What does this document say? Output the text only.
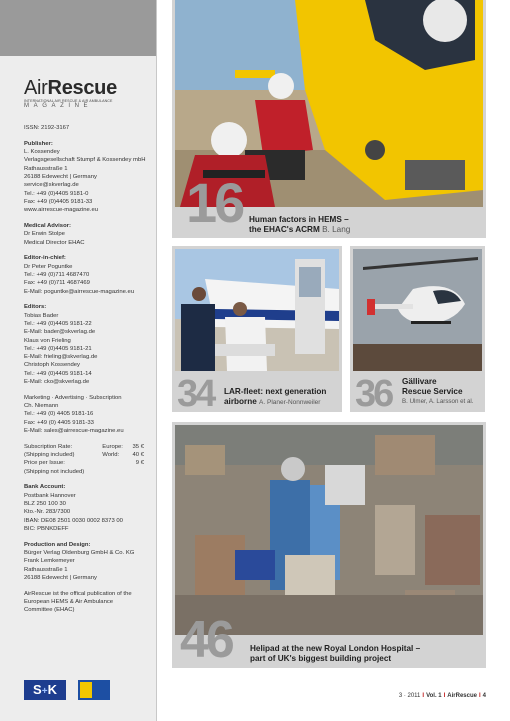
AirRescue
INTERNATIONAL AIR RESCUE & AIR AMBULANCE
MAGAZINE
ISSN: 2192-3167
Publisher:
L. Kossendey
Verlagsgesellschaft Stumpf & Kossendey mbH
Rathausstraße 1
26188 Edewecht | Germany
service@skverlag.de
Tel.: +49 (0)4405 9181-0
Fax: +49 (0)4405 9181-33
www.airrescue-magazine.eu
Medical Advisor:
Dr Erwin Stolpe
Medical Director EHAC
Editor-in-chief:
Dr Peter Poguntke
Tel.: +49 (0)711 4687470
Fax: +49 (0)711 4687469
E-Mail: poguntke@airrescue-magazine.eu
Editors:
Tobias Bader
Tel.: +49 (0)4405 9181-22
E-Mail: bader@skverlag.de
Klaus von Frieling
Tel.: +49 (0)4405 9181-21
E-Mail: frieling@skverlag.de
Christoph Kossendey
Tel.: +49 (0)4405 9181-14
E-Mail: cko@skverlag.de
Marketing · Advertising · Subscription
Ch. Niemann
Tel.: +49 (0) 4405 9181-16
Fax: +49 (0) 4405 9181-33
E-Mail: sales@airrescue-magazine.eu
Subscription Rate:	Europe:	35 €
(Shipping included)	World:	40 €
Price per Issue:		9 €
(Shipping not included)		
Bank Account:
Postbank Hannover
BLZ 250 100 30
Kto.-Nr. 283/7300
IBAN: DE08 2501 0030 0002 8373 00
BIC: PBNKDEFF
Production and Design:
Bürger Verlag Oldenburg GmbH & Co. KG
Frank Lemkemeyer
Rathausstraße 1
26188 Edewecht | Germany
AirRescue ist the offical publication of the European HEMS & Air Ambulance Committee (EHAC)
S+K
16 Human factors in HEMS –
the EHAC's ACRM B. Lang
34 LAR-fleet: next generation
airborne A. Planer-Nonnweiler 36 Gällivare
Rescue Service
B. Ulmer, A. Larsson et al.
46 Helipad at the new Royal London Hospital –
part of UK's biggest building project
3 · 2011 I Vol. 1 I AirRescue I 4
